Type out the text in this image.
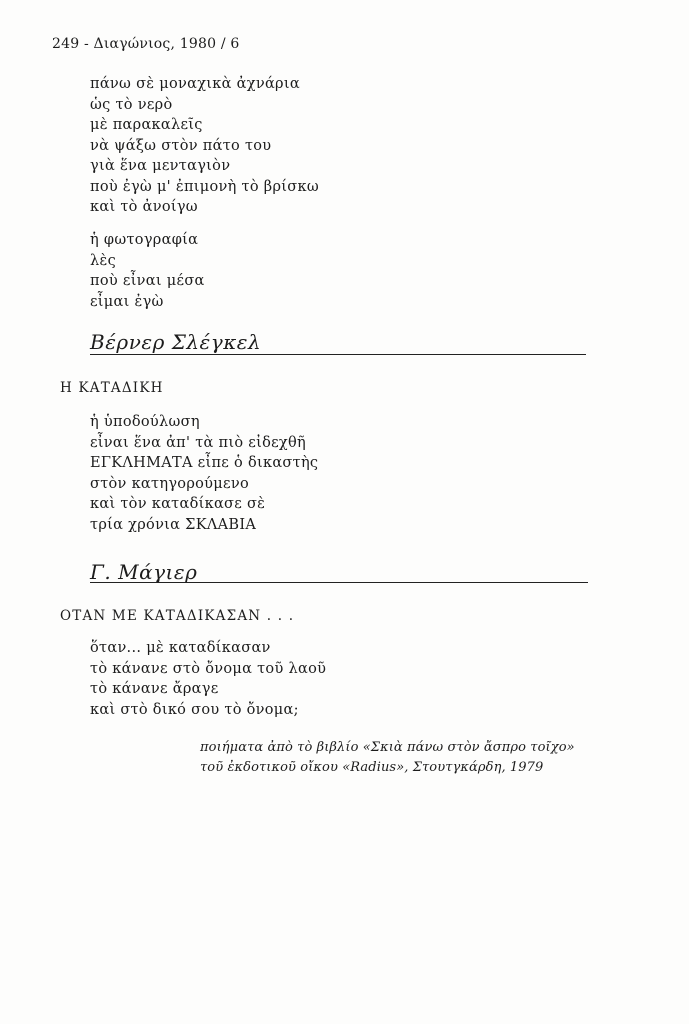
249 - Διαγώνιος, 1980 / 6
πάνω σὲ μοναχικὰ ἀχνάρια
ὡς τὸ νερὸ
μὲ παρακαλεῖς
νὰ ψάξω στὸν πάτο του
γιὰ ἕνα μενταγιὸν
ποὺ ἐγὼ μ' ἐπιμονὴ τὸ βρίσκω
καὶ τὸ ἀνοίγω
ἡ φωτογραφία
λὲς
ποὺ εἶναι μέσα
εἶμαι ἐγὼ
Βέρνερ Σλέγκελ
Η ΚΑΤΑΔΙΚΗ
ἡ ὑποδούλωση
εἶναι ἕνα ἀπ' τὰ πιὸ εἰδεχθῆ
ΕΓΚΛΗΜΑΤΑ εἶπε ὁ δικαστὴς
στὸν κατηγορούμενο
καὶ τὸν καταδίκασε σὲ
τρία χρόνια ΣΚΛΑΒΙΑ
Γ. Μάγιερ
ΟΤΑΝ ΜΕ ΚΑΤΑΔΙΚΑΣΑΝ . . .
ὅταν... μὲ καταδίκασαν
τὸ κάνανε στὸ ὄνομα τοῦ λαοῦ
τὸ κάνανε ἄραγε
καὶ στὸ δικό σου τὸ ὄνομα;
ποιήματα ἀπὸ τὸ βιβλίο «Σκιὰ πάνω στὸν ἄσπρο τοῖχο»
τοῦ ἐκδοτικοῦ οἴκου «Radius», Στουτγκάρδη, 1979
